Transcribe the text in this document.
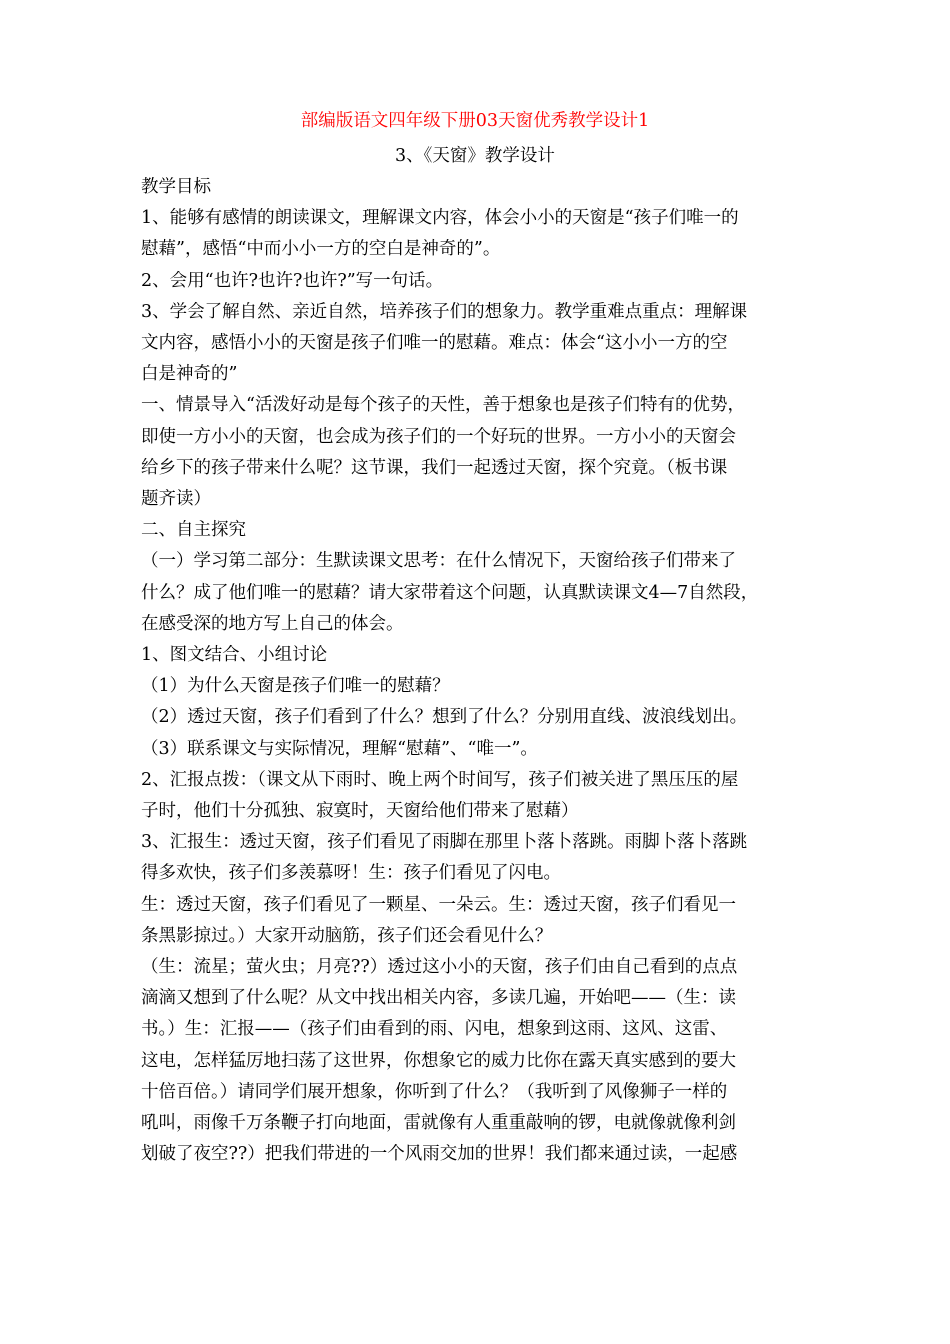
部编版语文四年级下册03天窗优秀教学设计1
3、《天窗》教学设计

教学目标

1、能够有感情的朗读课文，理解课文内容，体会小小的天窗是“孩子们唯一的

慰藉”，感悟“中而小小一方的空白是神奇的”。

2、会用“也许?也许?也许?”写一句话。

3、学会了解自然、亲近自然，培养孩子们的想象力。教学重难点重点：理解课

文内容，感悟小小的天窗是孩子们唯一的慰藉。难点：体会“这小小一方的空

白是神奇的”

一、情景导入“活泼好动是每个孩子的天性，善于想象也是孩子们特有的优势，

即使一方小小的天窗，也会成为孩子们的一个好玩的世界。一方小小的天窗会

给乡下的孩子带来什么呢？这节课，我们一起透过天窗，探个究竟。（板书课

题齐读）

二、自主探究

（一）学习第二部分：生默读课文思考：在什么情况下，天窗给孩子们带来了

什么？成了他们唯一的慰藉？请大家带着这个问题，认真默读课文4—7自然段，

在感受深的地方写上自己的体会。

1、图文结合、小组讨论

（1）为什么天窗是孩子们唯一的慰藉？

（2）透过天窗，孩子们看到了什么？想到了什么？分别用直线、波浪线划出。

（3）联系课文与实际情况，理解“慰藉”、“唯一”。

2、汇报点拨：（课文从下雨时、晚上两个时间写，孩子们被关进了黑压压的屋

子时，他们十分孤独、寂寞时，天窗给他们带来了慰藉）

3、汇报生：透过天窗，孩子们看见了雨脚在那里卜落卜落跳。雨脚卜落卜落跳

得多欢快，孩子们多羡慕呀！生：孩子们看见了闪电。

生：透过天窗，孩子们看见了一颗星、一朵云。生：透过天窗，孩子们看见一

条黑影掠过。）大家开动脑筋，孩子们还会看见什么？

（生：流星；萤火虫；月亮??）透过这小小的天窗，孩子们由自己看到的点点

滴滴又想到了什么呢？从文中找出相关内容，多读几遍，开始吧——（生：读

书。）生：汇报——（孩子们由看到的雨、闪电，想象到这雨、这风、这雷、

这电，怎样猛厉地扫荡了这世界，你想象它的威力比你在露天真实感到的要大

十倍百倍。）请同学们展开想象，你听到了什么？（我听到了风像狮子一样的

吼叫，雨像千万条鞭子打向地面，雷就像有人重重敲响的锣，电就像就像利剑

划破了夜空??）把我们带进的一个风雨交加的世界！我们都来通过读，一起感
